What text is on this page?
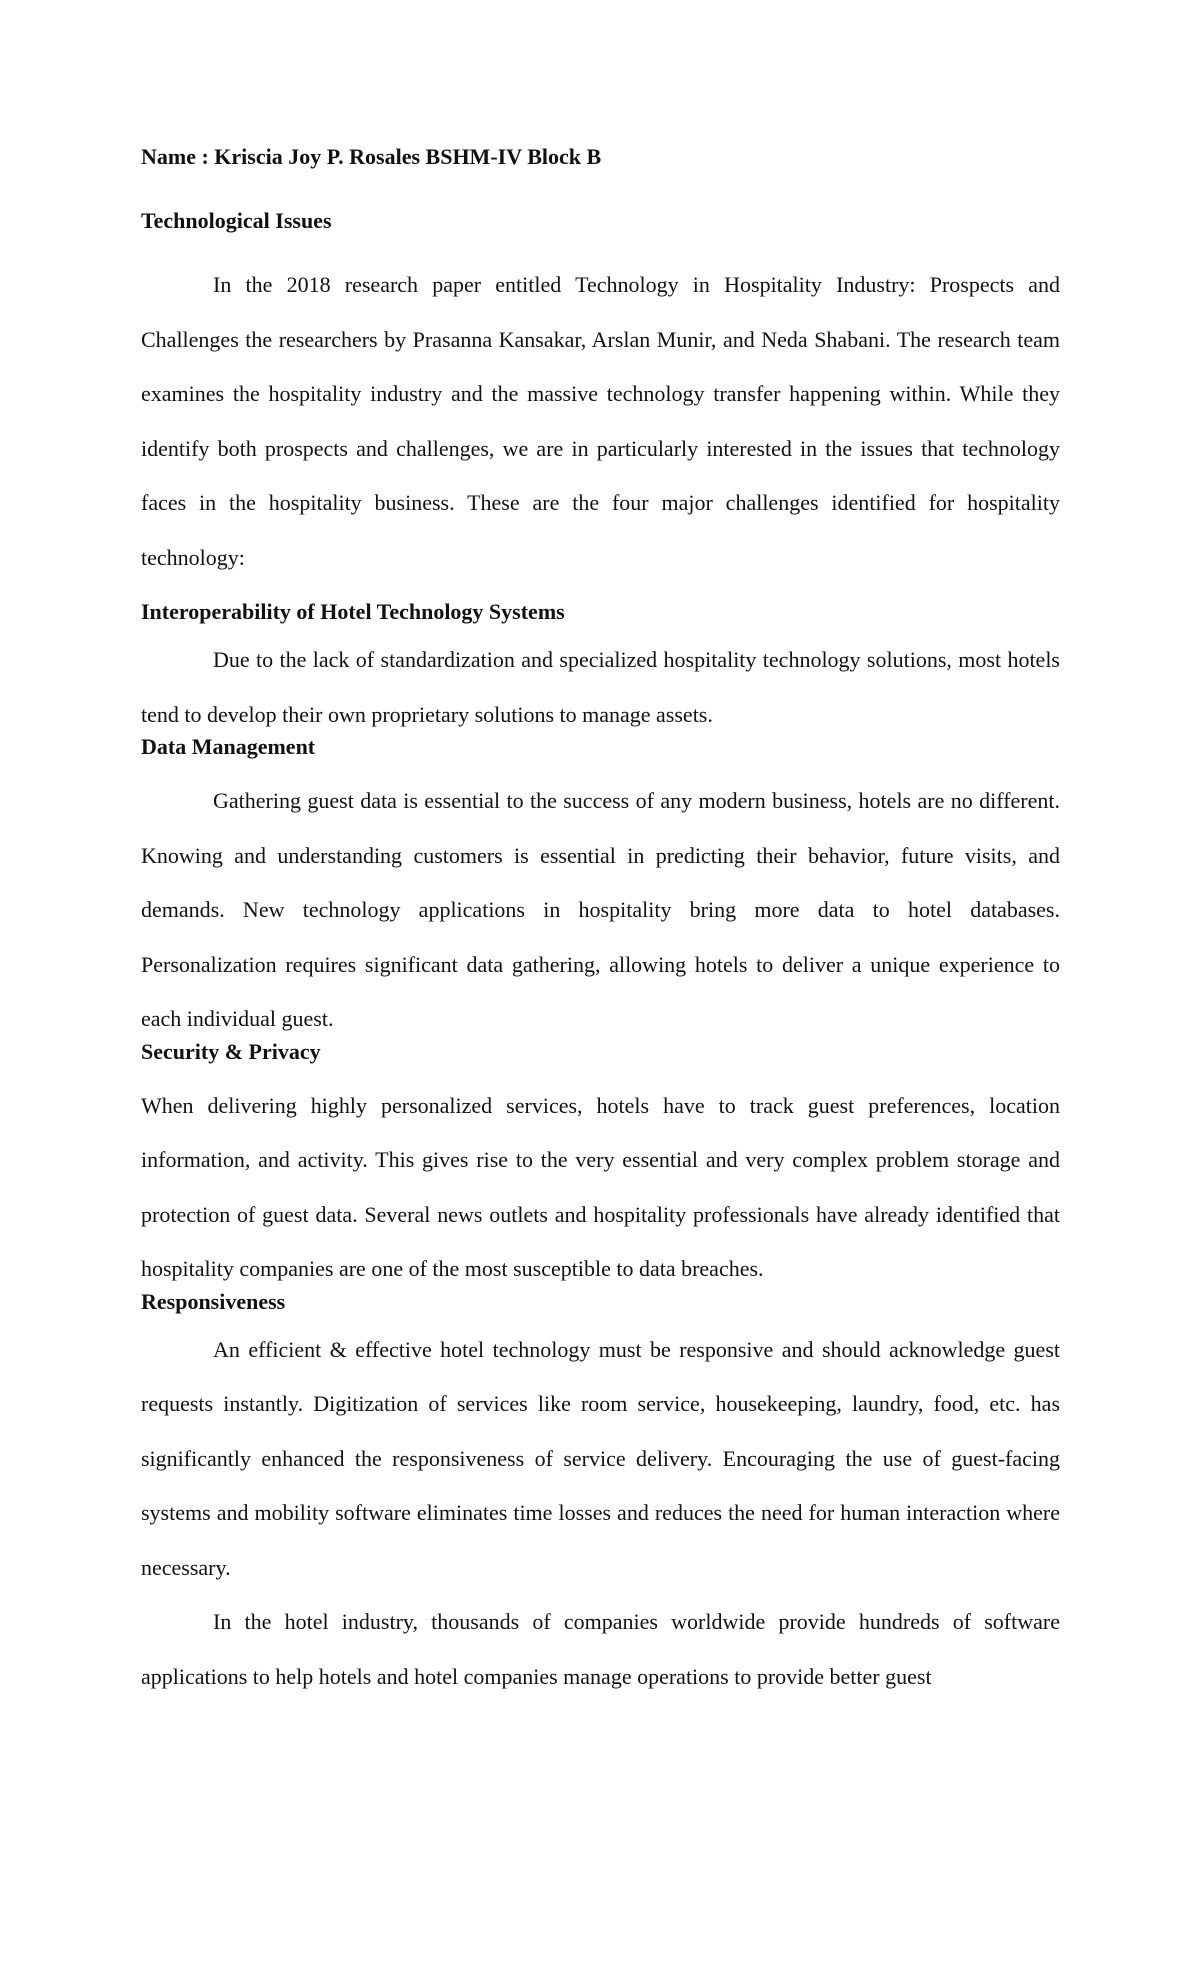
Name : Kriscia Joy P. Rosales BSHM-IV Block B

Technological Issues

In the 2018 research paper entitled Technology in Hospitality Industry: Prospects and Challenges the researchers by Prasanna Kansakar, Arslan Munir, and Neda Shabani. The research team examines the hospitality industry and the massive technology transfer happening within. While they identify both prospects and challenges, we are in particularly interested in the issues that technology faces in the hospitality business. These are the four major challenges identified for hospitality technology:

Interoperability of Hotel Technology Systems

Due to the lack of standardization and specialized hospitality technology solutions, most hotels tend to develop their own proprietary solutions to manage assets.

Data Management

Gathering guest data is essential to the success of any modern business, hotels are no different. Knowing and understanding customers is essential in predicting their behavior, future visits, and demands. New technology applications in hospitality bring more data to hotel databases. Personalization requires significant data gathering, allowing hotels to deliver a unique experience to each individual guest.

Security & Privacy

When delivering highly personalized services, hotels have to track guest preferences, location information, and activity. This gives rise to the very essential and very complex problem storage and protection of guest data. Several news outlets and hospitality professionals have already identified that hospitality companies are one of the most susceptible to data breaches.

Responsiveness

An efficient & effective hotel technology must be responsive and should acknowledge guest requests instantly. Digitization of services like room service, housekeeping, laundry, food, etc. has significantly enhanced the responsiveness of service delivery. Encouraging the use of guest-facing systems and mobility software eliminates time losses and reduces the need for human interaction where necessary.

In the hotel industry, thousands of companies worldwide provide hundreds of software applications to help hotels and hotel companies manage operations to provide better guest
